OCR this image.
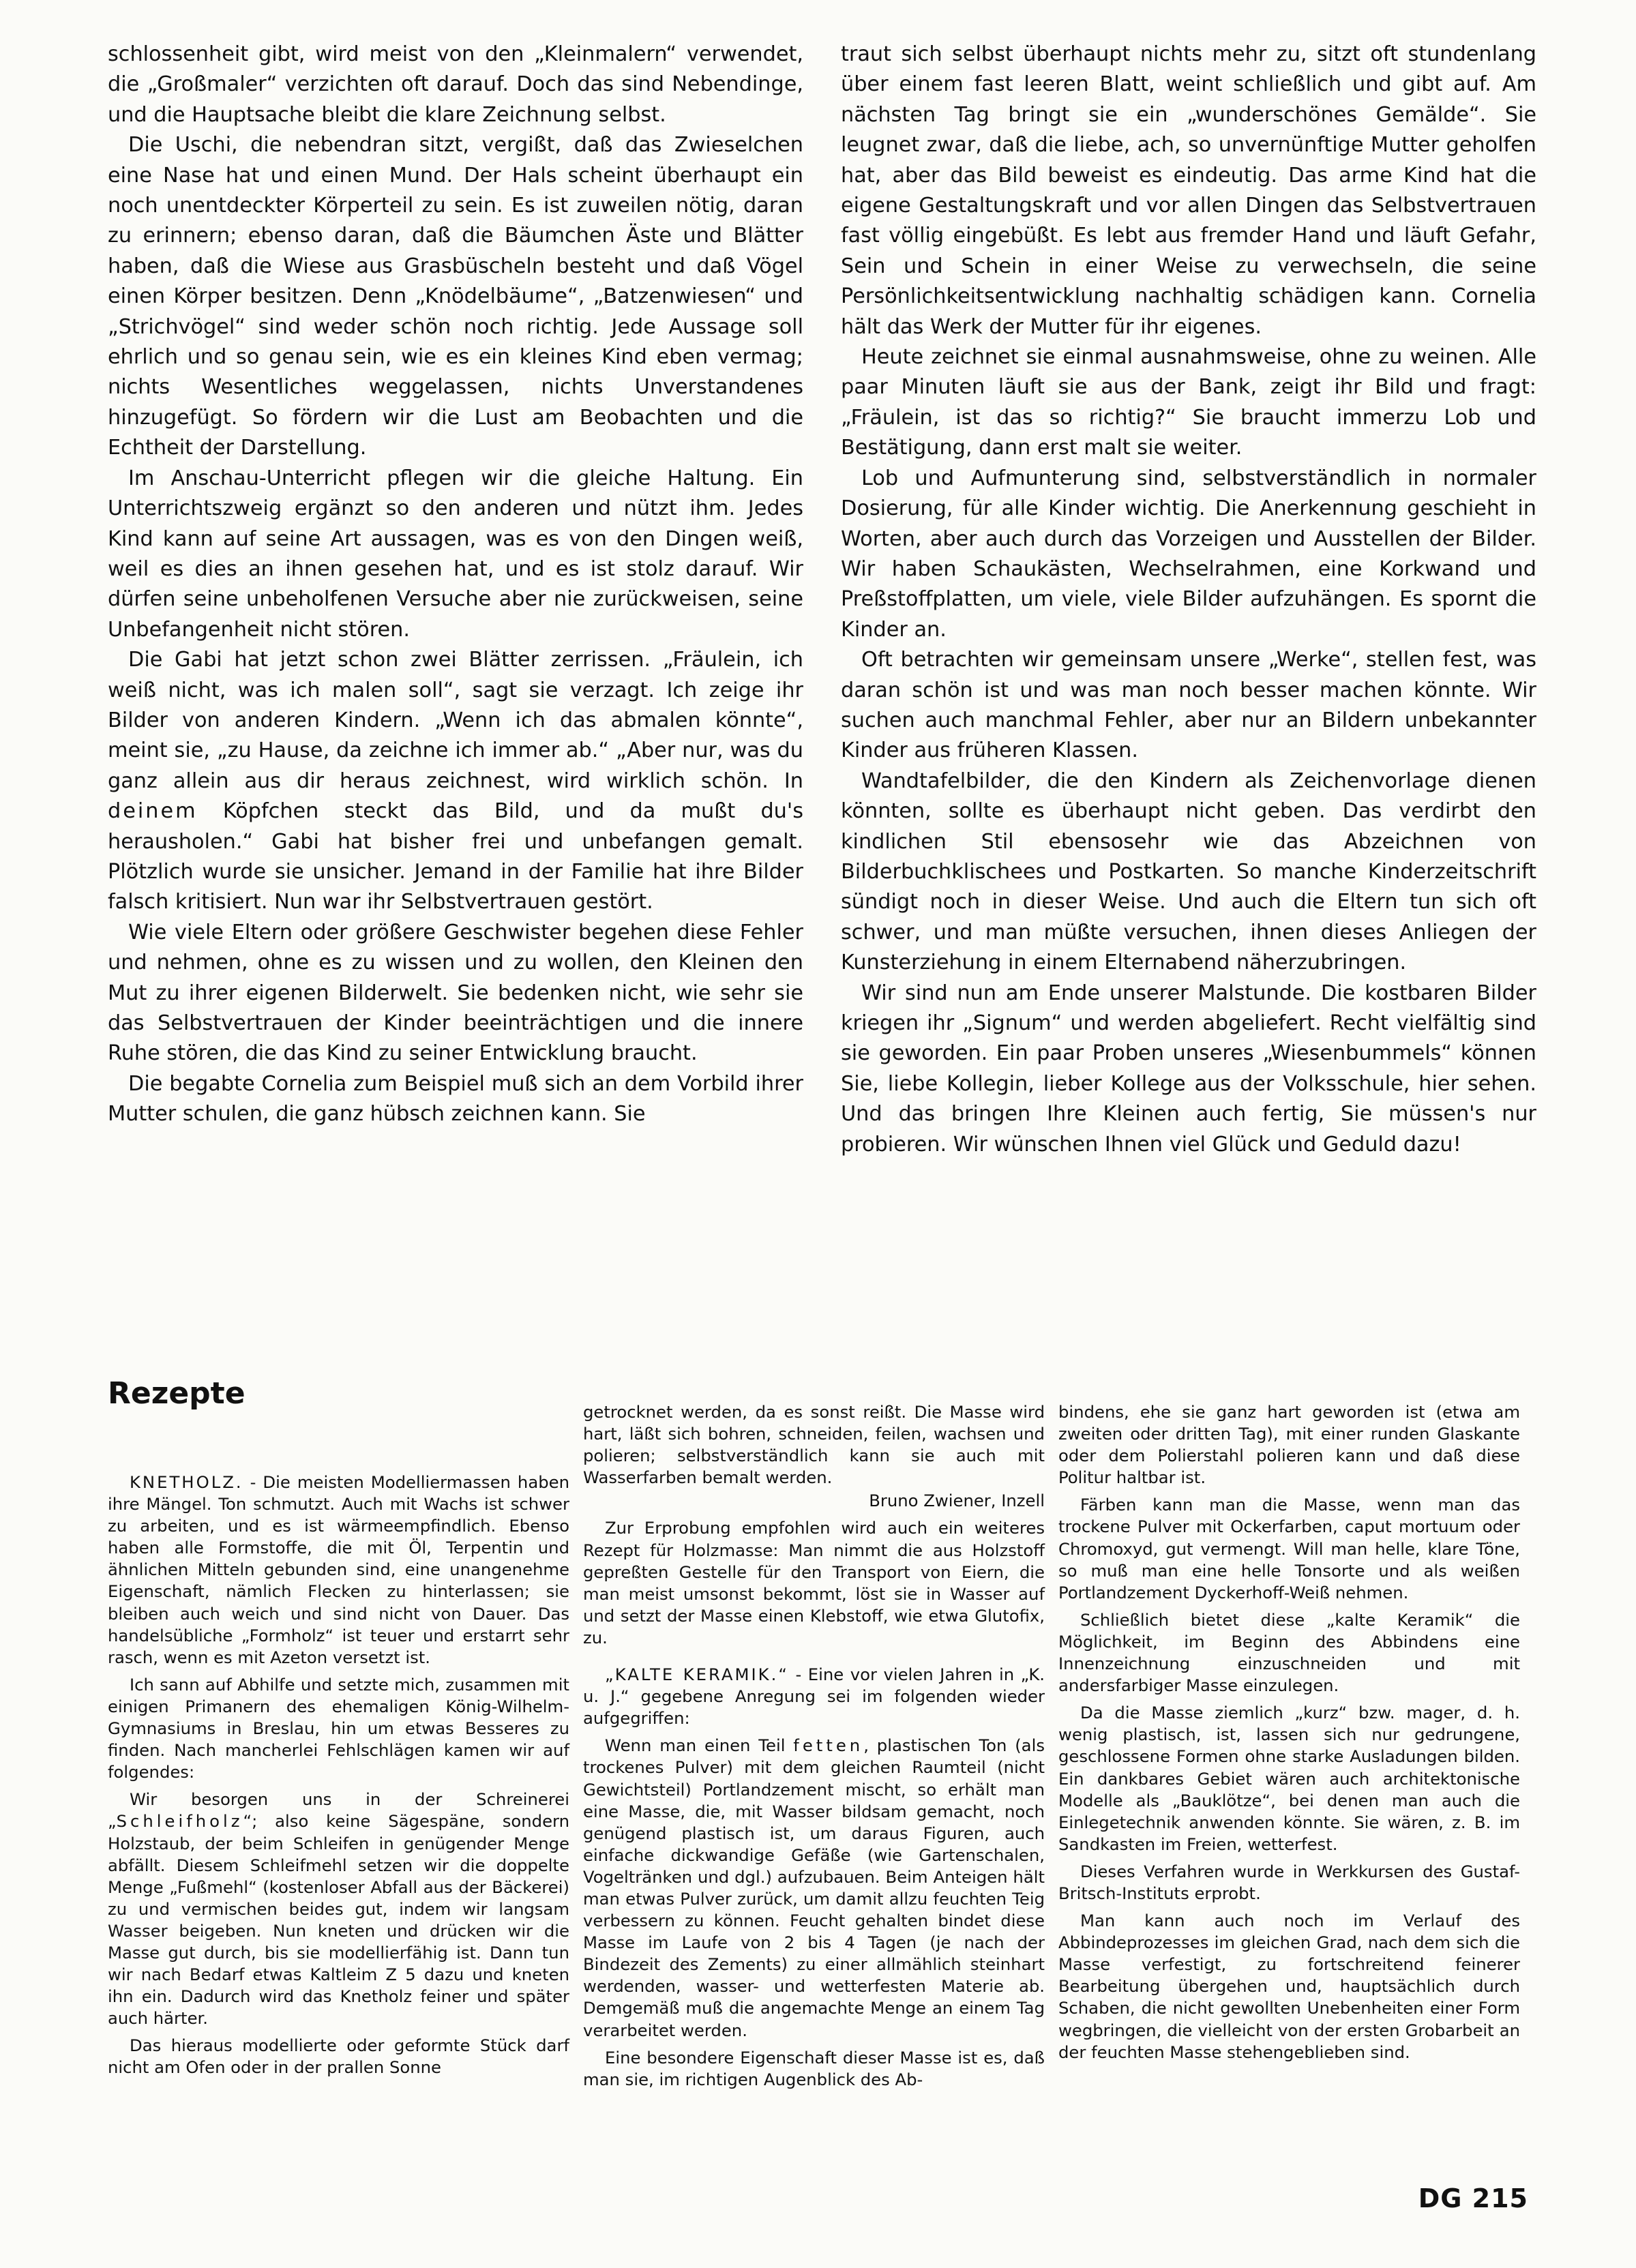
schlossenheit gibt, wird meist von den „Kleinmalern“ verwendet, die „Großmaler“ verzichten oft darauf. Doch das sind Nebendinge, und die Hauptsache bleibt die klare Zeichnung selbst.

Die Uschi, die nebendran sitzt, vergißt, daß das Zwieselchen eine Nase hat und einen Mund. Der Hals scheint überhaupt ein noch unentdeckter Körperteil zu sein. Es ist zuweilen nötig, daran zu erinnern; ebenso daran, daß die Bäumchen Äste und Blätter haben, daß die Wiese aus Grasbüscheln besteht und daß Vögel einen Körper besitzen. Denn „Knödelbäume“, „Batzenwiesen“ und „Strichvögel“ sind weder schön noch richtig. Jede Aussage soll ehrlich und so genau sein, wie es ein kleines Kind eben vermag; nichts Wesentliches weggelassen, nichts Unverstandenes hinzugefügt. So fördern wir die Lust am Beobachten und die Echtheit der Darstellung.

Im Anschau-Unterricht pflegen wir die gleiche Haltung. Ein Unterrichtszweig ergänzt so den anderen und nützt ihm. Jedes Kind kann auf seine Art aussagen, was es von den Dingen weiß, weil es dies an ihnen gesehen hat, und es ist stolz darauf. Wir dürfen seine unbeholfenen Versuche aber nie zurückweisen, seine Unbefangenheit nicht stören.

Die Gabi hat jetzt schon zwei Blätter zerrissen. „Fräulein, ich weiß nicht, was ich malen soll“, sagt sie verzagt. Ich zeige ihr Bilder von anderen Kindern. „Wenn ich das abmalen könnte“, meint sie, „zu Hause, da zeichne ich immer ab.“ „Aber nur, was du ganz allein aus dir heraus zeichnest, wird wirklich schön. In deinem Köpfchen steckt das Bild, und da mußt du's herausholen.“ Gabi hat bisher frei und unbefangen gemalt. Plötzlich wurde sie unsicher. Jemand in der Familie hat ihre Bilder falsch kritisiert. Nun war ihr Selbstvertrauen gestört.

Wie viele Eltern oder größere Geschwister begehen diese Fehler und nehmen, ohne es zu wissen und zu wollen, den Kleinen den Mut zu ihrer eigenen Bilderwelt. Sie bedenken nicht, wie sehr sie das Selbstvertrauen der Kinder beeinträchtigen und die innere Ruhe stören, die das Kind zu seiner Entwicklung braucht.

Die begabte Cornelia zum Beispiel muß sich an dem Vorbild ihrer Mutter schulen, die ganz hübsch zeichnen kann. Sie

traut sich selbst überhaupt nichts mehr zu, sitzt oft stundenlang über einem fast leeren Blatt, weint schließlich und gibt auf. Am nächsten Tag bringt sie ein „wunderschönes Gemälde“. Sie leugnet zwar, daß die liebe, ach, so unvernünftige Mutter geholfen hat, aber das Bild beweist es eindeutig. Das arme Kind hat die eigene Gestaltungskraft und vor allen Dingen das Selbstvertrauen fast völlig eingebüßt. Es lebt aus fremder Hand und läuft Gefahr, Sein und Schein in einer Weise zu verwechseln, die seine Persönlichkeitsentwicklung nachhaltig schädigen kann. Cornelia hält das Werk der Mutter für ihr eigenes.

Heute zeichnet sie einmal ausnahmsweise, ohne zu weinen. Alle paar Minuten läuft sie aus der Bank, zeigt ihr Bild und fragt: „Fräulein, ist das so richtig?“ Sie braucht immerzu Lob und Bestätigung, dann erst malt sie weiter.

Lob und Aufmunterung sind, selbstverständlich in normaler Dosierung, für alle Kinder wichtig. Die Anerkennung geschieht in Worten, aber auch durch das Vorzeigen und Ausstellen der Bilder. Wir haben Schaukästen, Wechselrahmen, eine Korkwand und Preßstoffplatten, um viele, viele Bilder aufzuhängen. Es spornt die Kinder an.

Oft betrachten wir gemeinsam unsere „Werke“, stellen fest, was daran schön ist und was man noch besser machen könnte. Wir suchen auch manchmal Fehler, aber nur an Bildern unbekannter Kinder aus früheren Klassen.

Wandtafelbilder, die den Kindern als Zeichenvorlage dienen könnten, sollte es überhaupt nicht geben. Das verdirbt den kindlichen Stil ebensosehr wie das Abzeichnen von Bilderbuchklischees und Postkarten. So manche Kinderzeitschrift sündigt noch in dieser Weise. Und auch die Eltern tun sich oft schwer, und man müßte versuchen, ihnen dieses Anliegen der Kunsterziehung in einem Elternabend näherzubringen.

Wir sind nun am Ende unserer Malstunde. Die kostbaren Bilder kriegen ihr „Signum“ und werden abgeliefert. Recht vielfältig sind sie geworden. Ein paar Proben unseres „Wiesenbummels“ können Sie, liebe Kollegin, lieber Kollege aus der Volksschule, hier sehen. Und das bringen Ihre Kleinen auch fertig, Sie müssen's nur probieren. Wir wünschen Ihnen viel Glück und Geduld dazu!

Rezepte

KNETHOLZ. - Die meisten Modelliermassen haben ihre Mängel. Ton schmutzt. Auch mit Wachs ist schwer zu arbeiten, und es ist wärmeempfindlich. Ebenso haben alle Formstoffe, die mit Öl, Terpentin und ähnlichen Mitteln gebunden sind, eine unangenehme Eigenschaft, nämlich Flecken zu hinterlassen; sie bleiben auch weich und sind nicht von Dauer. Das handelsübliche „Formholz“ ist teuer und erstarrt sehr rasch, wenn es mit Azeton versetzt ist.

Ich sann auf Abhilfe und setzte mich, zusammen mit einigen Primanern des ehemaligen König-Wilhelm-Gymnasiums in Breslau, hin um etwas Besseres zu finden. Nach mancherlei Fehlschlägen kamen wir auf folgendes:

Wir besorgen uns in der Schreinerei „Schleifholz“; also keine Sägespäne, sondern Holzstaub, der beim Schleifen in genügender Menge abfällt. Diesem Schleifmehl setzen wir die doppelte Menge „Fußmehl“ (kostenloser Abfall aus der Bäckerei) zu und vermischen beides gut, indem wir langsam Wasser beigeben. Nun kneten und drücken wir die Masse gut durch, bis sie modellierfähig ist. Dann tun wir nach Bedarf etwas Kaltleim Z 5 dazu und kneten ihn ein. Dadurch wird das Knetholz feiner und später auch härter.

Das hieraus modellierte oder geformte Stück darf nicht am Ofen oder in der prallen Sonne

getrocknet werden, da es sonst reißt. Die Masse wird hart, läßt sich bohren, schneiden, feilen, wachsen und polieren; selbstverständlich kann sie auch mit Wasserfarben bemalt werden.

Bruno Zwiener, Inzell

Zur Erprobung empfohlen wird auch ein weiteres Rezept für Holzmasse: Man nimmt die aus Holzstoff gepreßten Gestelle für den Transport von Eiern, die man meist umsonst bekommt, löst sie in Wasser auf und setzt der Masse einen Klebstoff, wie etwa Glutofix, zu.

„KALTE KERAMIK.“ - Eine vor vielen Jahren in „K. u. J.“ gegebene Anregung sei im folgenden wieder aufgegriffen:

Wenn man einen Teil fetten, plastischen Ton (als trockenes Pulver) mit dem gleichen Raumteil (nicht Gewichtsteil) Portlandzement mischt, so erhält man eine Masse, die, mit Wasser bildsam gemacht, noch genügend plastisch ist, um daraus Figuren, auch einfache dickwandige Gefäße (wie Gartenschalen, Vogeltränken und dgl.) aufzubauen. Beim Anteigen hält man etwas Pulver zurück, um damit allzu feuchten Teig verbessern zu können. Feucht gehalten bindet diese Masse im Laufe von 2 bis 4 Tagen (je nach der Bindezeit des Zements) zu einer allmählich steinhart werdenden, wasser- und wetterfesten Materie ab. Demgemäß muß die angemachte Menge an einem Tag verarbeitet werden.

Eine besondere Eigenschaft dieser Masse ist es, daß man sie, im richtigen Augenblick des Ab-

bindens, ehe sie ganz hart geworden ist (etwa am zweiten oder dritten Tag), mit einer runden Glaskante oder dem Polierstahl polieren kann und daß diese Politur haltbar ist.

Färben kann man die Masse, wenn man das trockene Pulver mit Ockerfarben, caput mortuum oder Chromoxyd, gut vermengt. Will man helle, klare Töne, so muß man eine helle Tonsorte und als weißen Portlandzement Dyckerhoff-Weiß nehmen.

Schließlich bietet diese „kalte Keramik“ die Möglichkeit, im Beginn des Abbindens eine Innenzeichnung einzuschneiden und mit andersfarbiger Masse einzulegen.

Da die Masse ziemlich „kurz“ bzw. mager, d. h. wenig plastisch, ist, lassen sich nur gedrungene, geschlossene Formen ohne starke Ausladungen bilden. Ein dankbares Gebiet wären auch architektonische Modelle als „Bauklötze“, bei denen man auch die Einlegetechnik anwenden könnte. Sie wären, z. B. im Sandkasten im Freien, wetterfest.

Dieses Verfahren wurde in Werkkursen des Gustaf-Britsch-Instituts erprobt.

Man kann auch noch im Verlauf des Abbindeprozesses im gleichen Grad, nach dem sich die Masse verfestigt, zu fortschreitend feinerer Bearbeitung übergehen und, hauptsächlich durch Schaben, die nicht gewollten Unebenheiten einer Form wegbringen, die vielleicht von der ersten Grobarbeit an der feuchten Masse stehengeblieben sind.

DG 215
